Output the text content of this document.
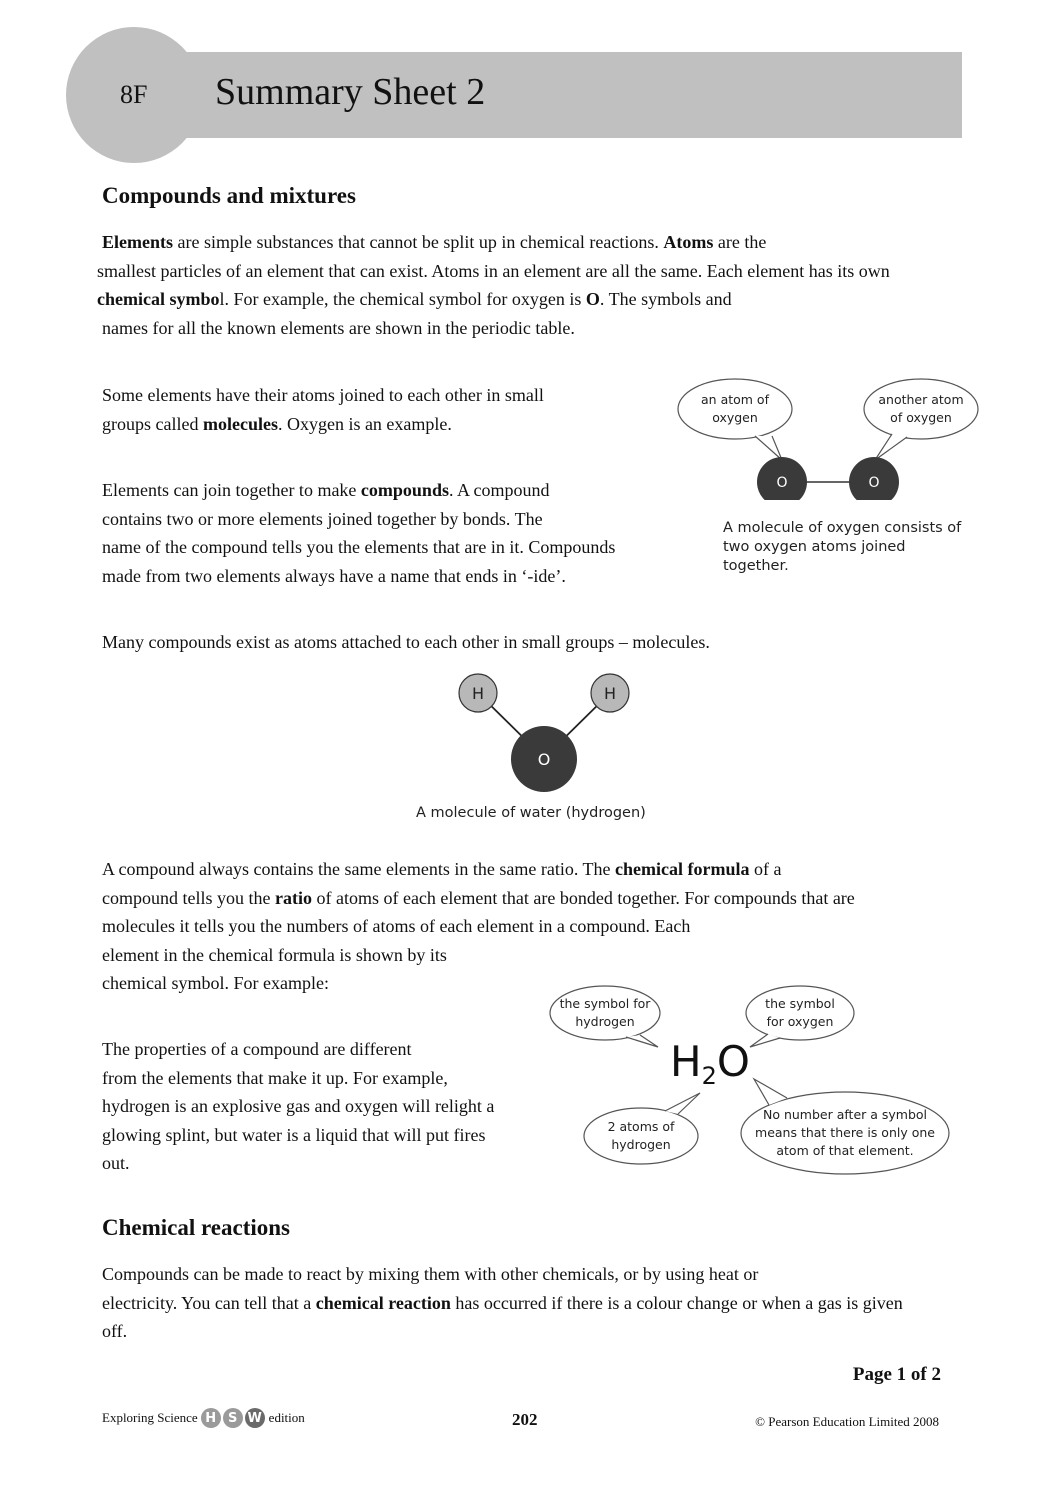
8F Summary Sheet 2
Compounds and mixtures
Elements are simple substances that cannot be split up in chemical reactions. Atoms are the
smallest particles of an element that can exist. Atoms in an element are all the same. Each element has its own
chemical symbol. For example, the chemical symbol for oxygen is O. The symbols and
names for all the known elements are shown in the periodic table.
Some elements have their atoms joined to each other in small
groups called molecules. Oxygen is an example.
Elements can join together to make compounds. A compound
contains two or more elements joined together by bonds. The
name of the compound tells you the elements that are in it. Compounds
made from two elements always have a name that ends in ‘-ide’.
O	O
an atom of
oxygen
another atom
of oxygen
A molecule of oxygen consists of
two oxygen atoms joined
together.

Many compounds exist as atoms attached to each other in small groups – molecules.

H	H
O
A molecule of water (hydrogen)
A compound always contains the same elements in the same ratio. The chemical formula of a
compound tells you the ratio of atoms of each element that are bonded together. For compounds that are
molecules it tells you the numbers of atoms of each element in a compound. Each
element in the chemical formula is shown by its
chemical symbol. For example:
The properties of a compound are different
from the elements that make it up. For example,
hydrogen is an explosive gas and oxygen will relight a
glowing splint, but water is a liquid that will put fires
out.
$H_2O$
the symbol for
hydrogen
the symbol
for oxygen
2 atoms of
hydrogen
No number after a symbol
means that there is only one
atom of that element.
Chemical reactions
Compounds can be made to react by mixing them with other chemicals, or by using heat or
electricity. You can tell that a chemical reaction has occurred if there is a colour change or when a gas is given
off.
Page 1 of 2
Exploring Science H S W edition	202	© Pearson Education Limited 2008
